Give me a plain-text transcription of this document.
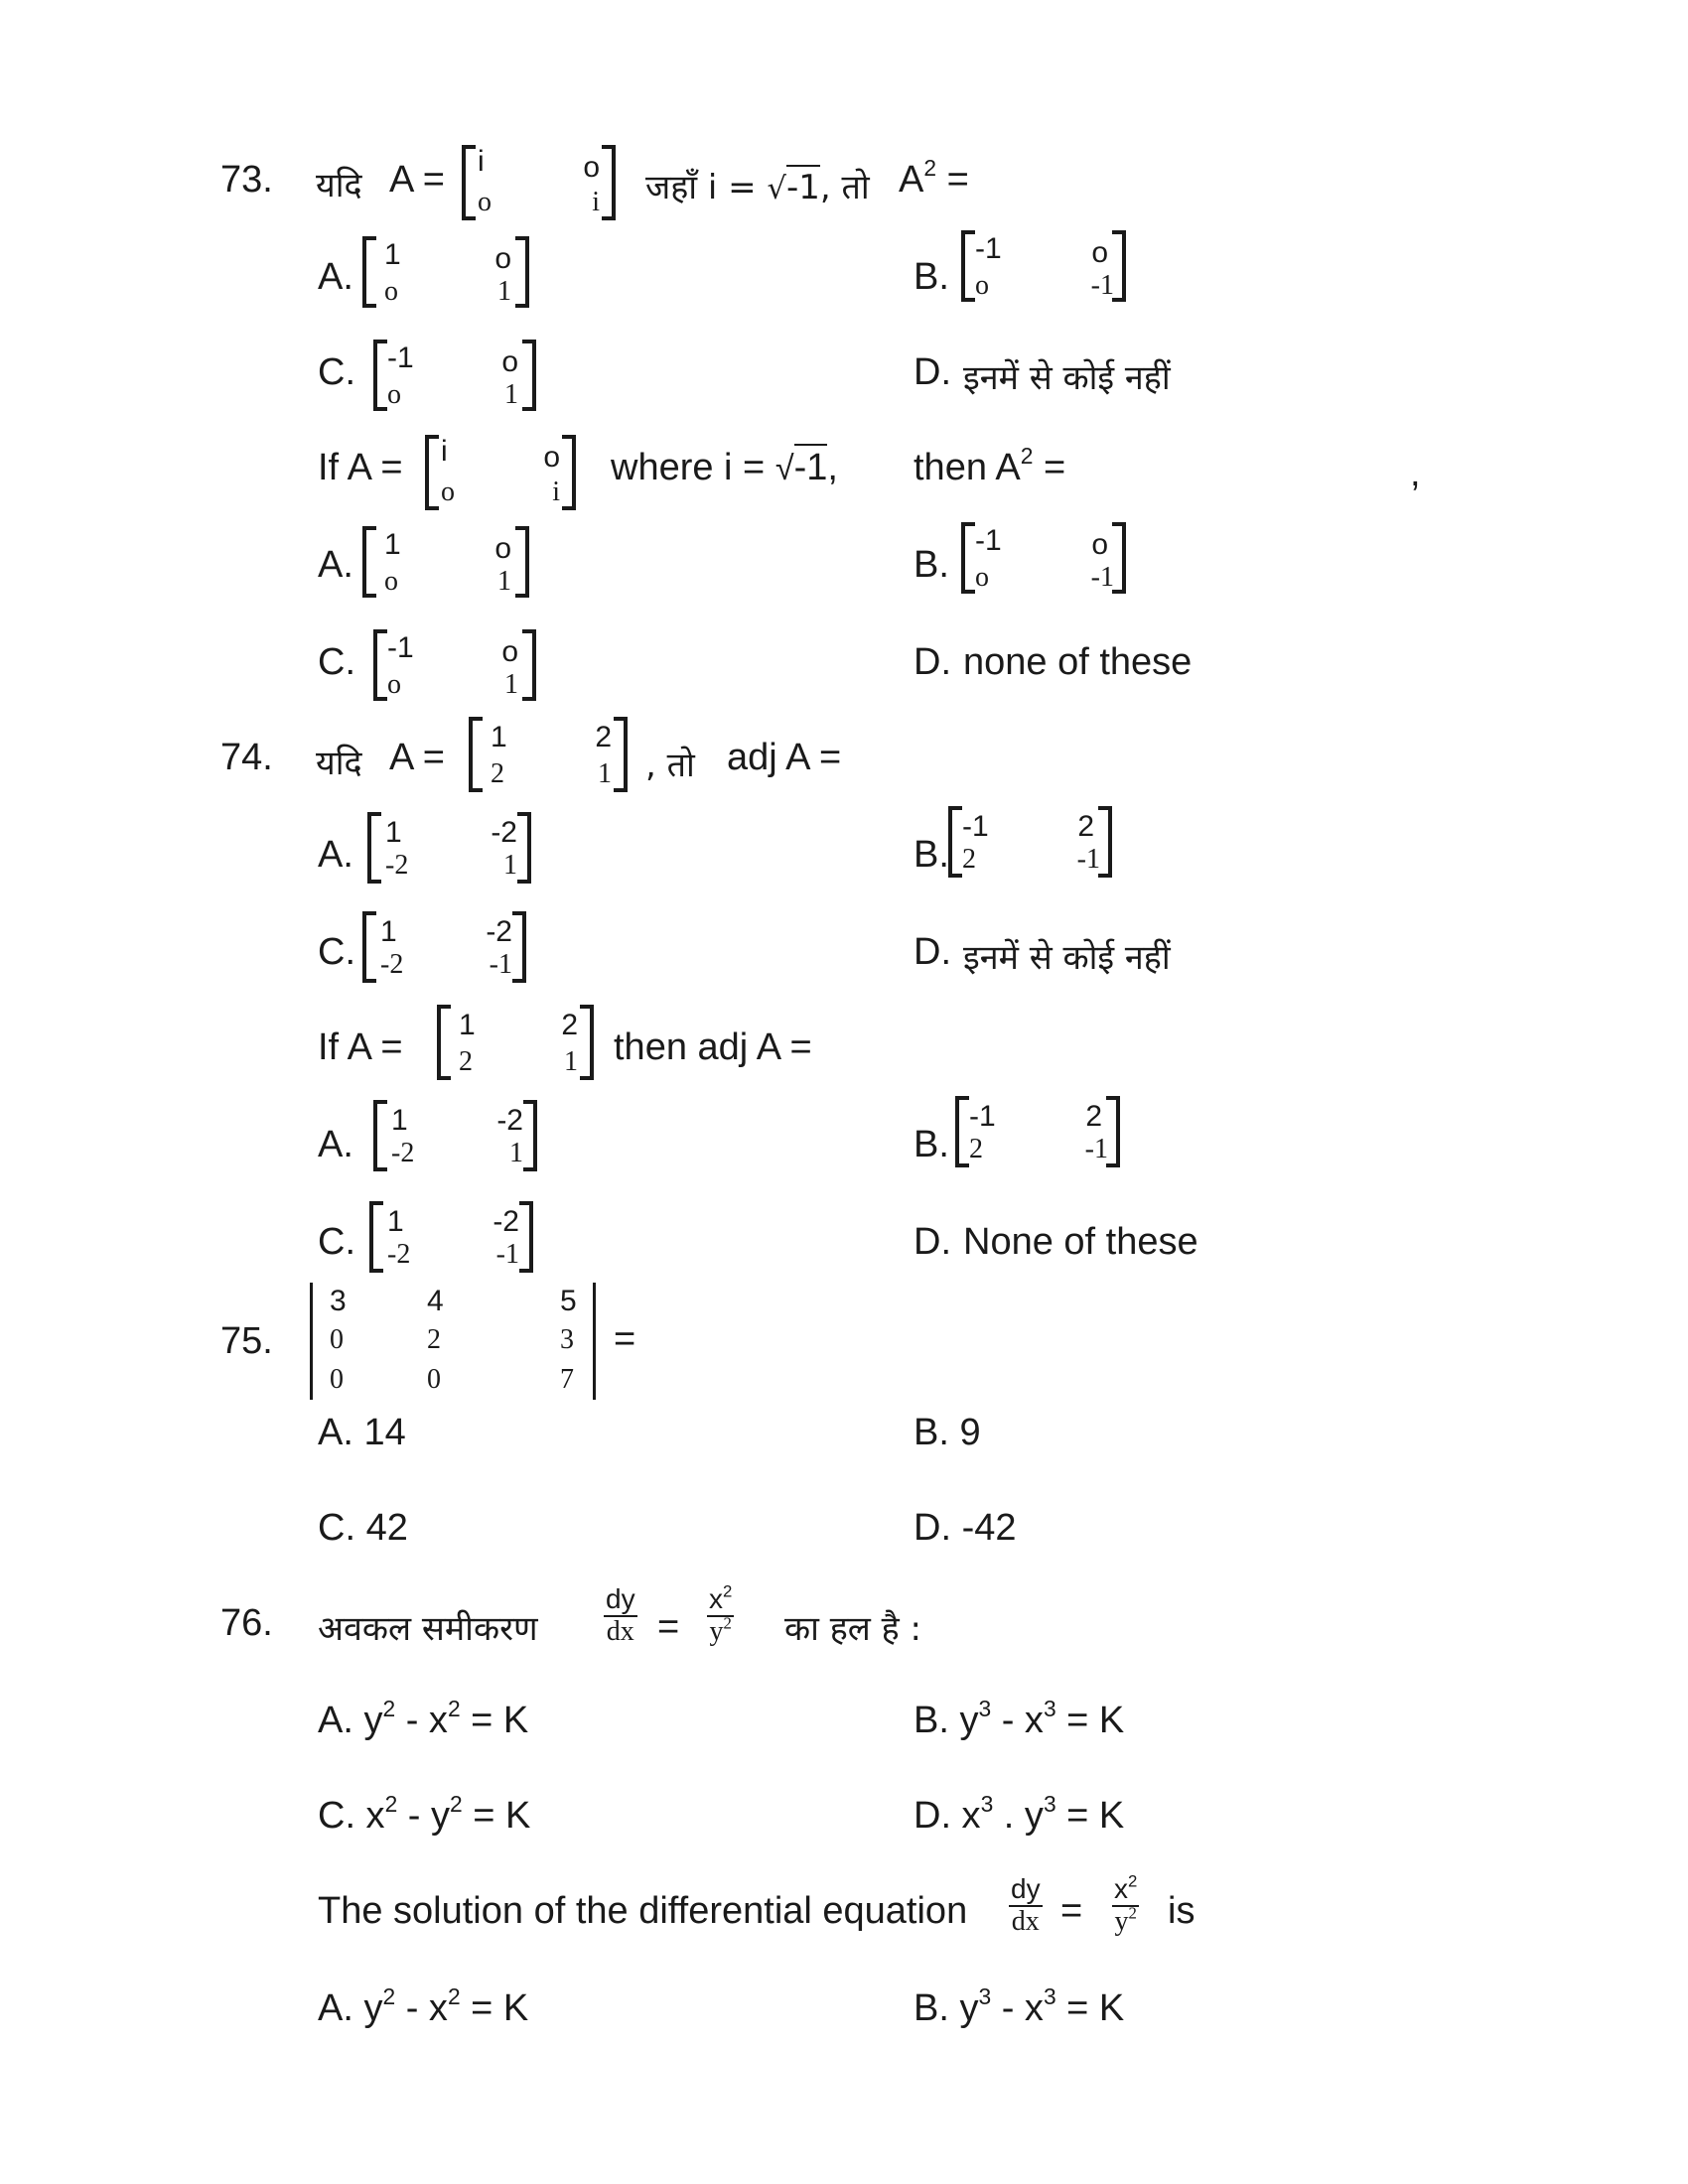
73. यदि A = i	o
o	i जहाँ i = √-1, तो $A^2$ =
A.
1	o
o	1	B.
-1	o
o	-1
C. -1	o
o	1
D. इनमें से कोई नहीं
If A = i	o
o	i
where i = √-1, then $A^2$ =	,
A. 1	o
o	1	B.
-1	o
o	-1
C. -1	o
o	1
D. none of these
74. यदि A = 1	2
2	1 , तो adj A =
A.
1	-2
-2	1	B.
-1	2
2	-1
C. 1	-2
-2	-1	D. इनमें से कोई नहीं
If A =
1	2
2	1 then adj A =
A.
1	-2
-2	1	B.
-1	2
2	-1
C. 1	-2
-2	-1	D. None of these
75.
3	4	5
0	2	3
0	0	7
=
A. 14	B. 9
C. 42	D. -42
76. अवकल समीकरण $\frac{dy}{dx} = \frac{x^2}{y^2}$ का हल है :
A. $y^2 - x^2 = K$	B. $y^3 - x^3 = K$
C. $x^2 - y^2 = K$	D. $x^3$ . $y^3 = K$
The solution of the differential equation $\frac{dy}{dx} = \frac{x^2}{y^2}$ is
A. $y^2 - x^2 = K$	B. $y^3 - x^3 = K$
